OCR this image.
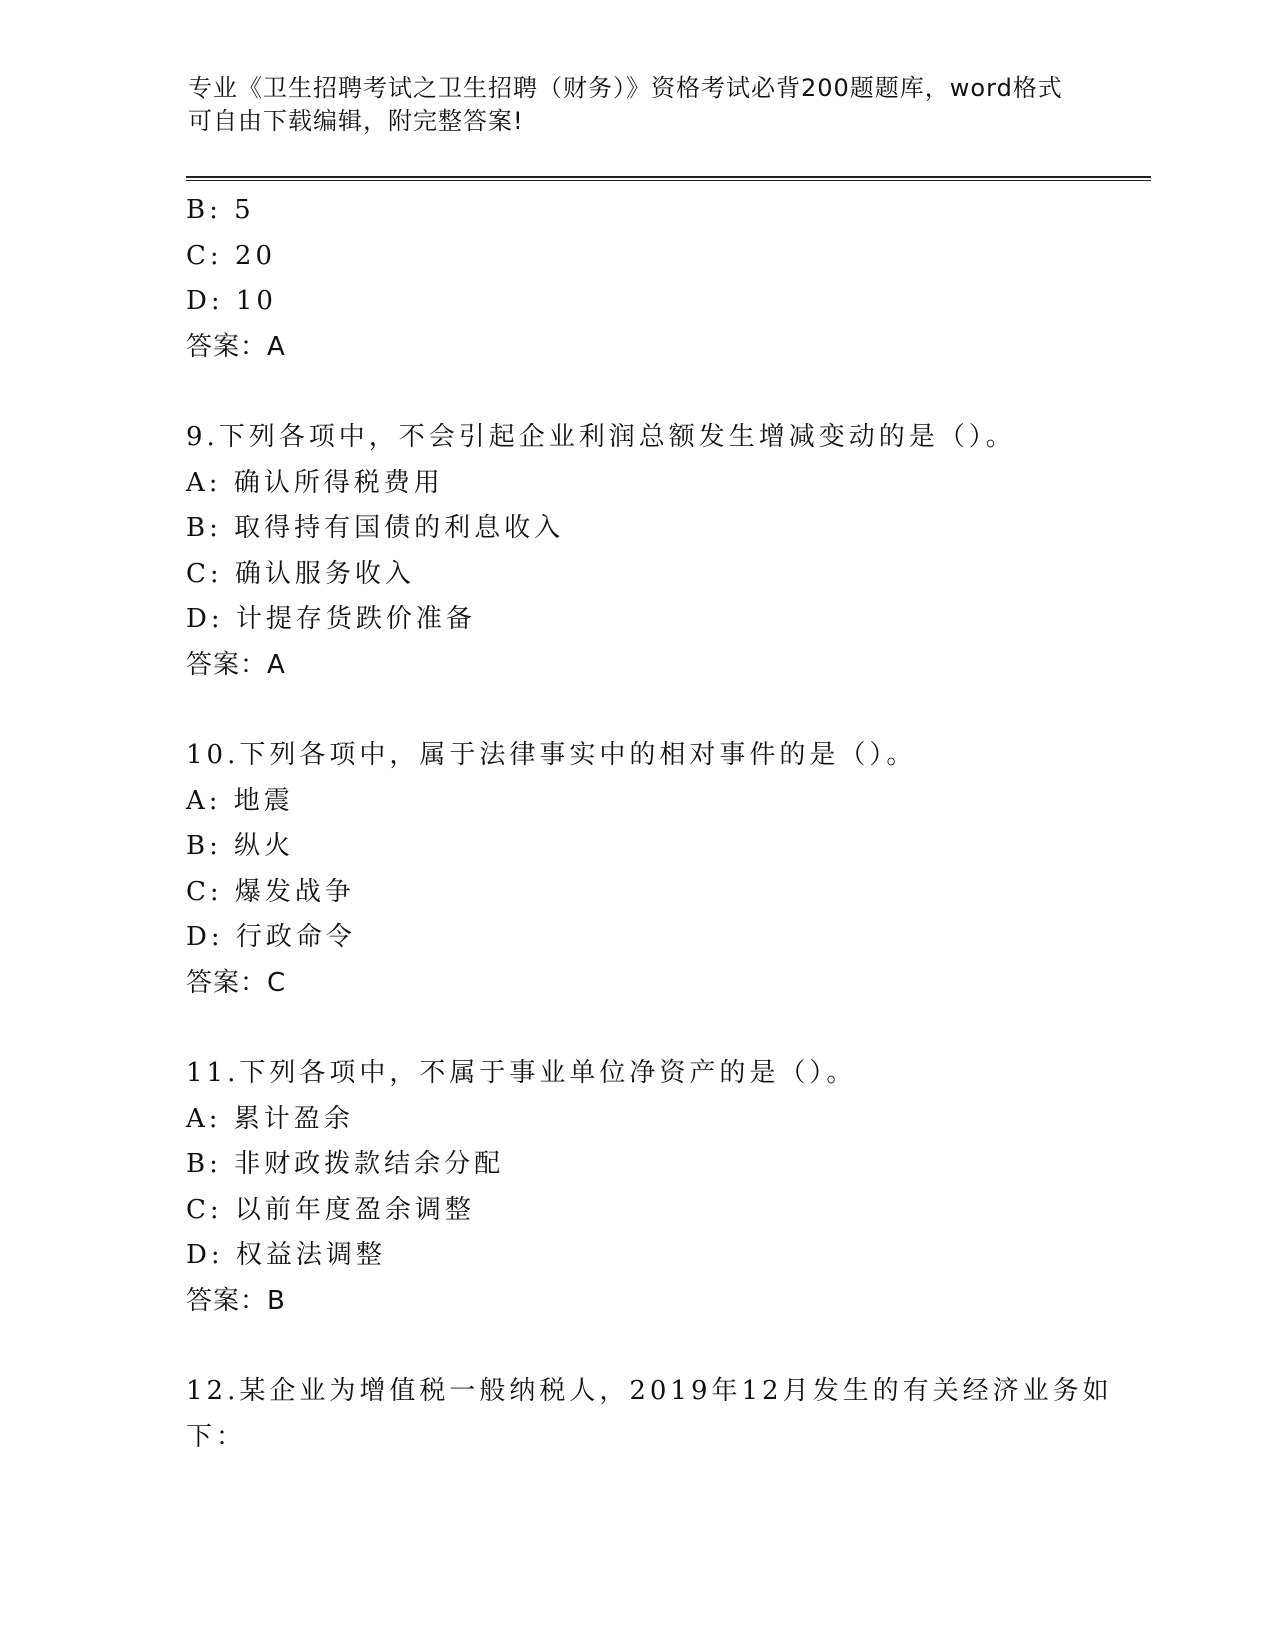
专业《卫生招聘考试之卫生招聘（财务）》资格考试必背200题题库，word格式
可自由下载编辑，附完整答案!
B: 5
C: 20
D: 10
答案：A
9.下列各项中，不会引起企业利润总额发生增减变动的是（）。
A: 确认所得税费用
B: 取得持有国债的利息收入
C: 确认服务收入
D: 计提存货跌价准备
答案：A
10.下列各项中，属于法律事实中的相对事件的是（）。
A: 地震
B: 纵火
C: 爆发战争
D: 行政命令
答案：C
11.下列各项中，不属于事业单位净资产的是（）。
A: 累计盈余
B: 非财政拨款结余分配
C: 以前年度盈余调整
D: 权益法调整
答案：B
12.某企业为增值税一般纳税人，2019年12月发生的有关经济业务如
下：
